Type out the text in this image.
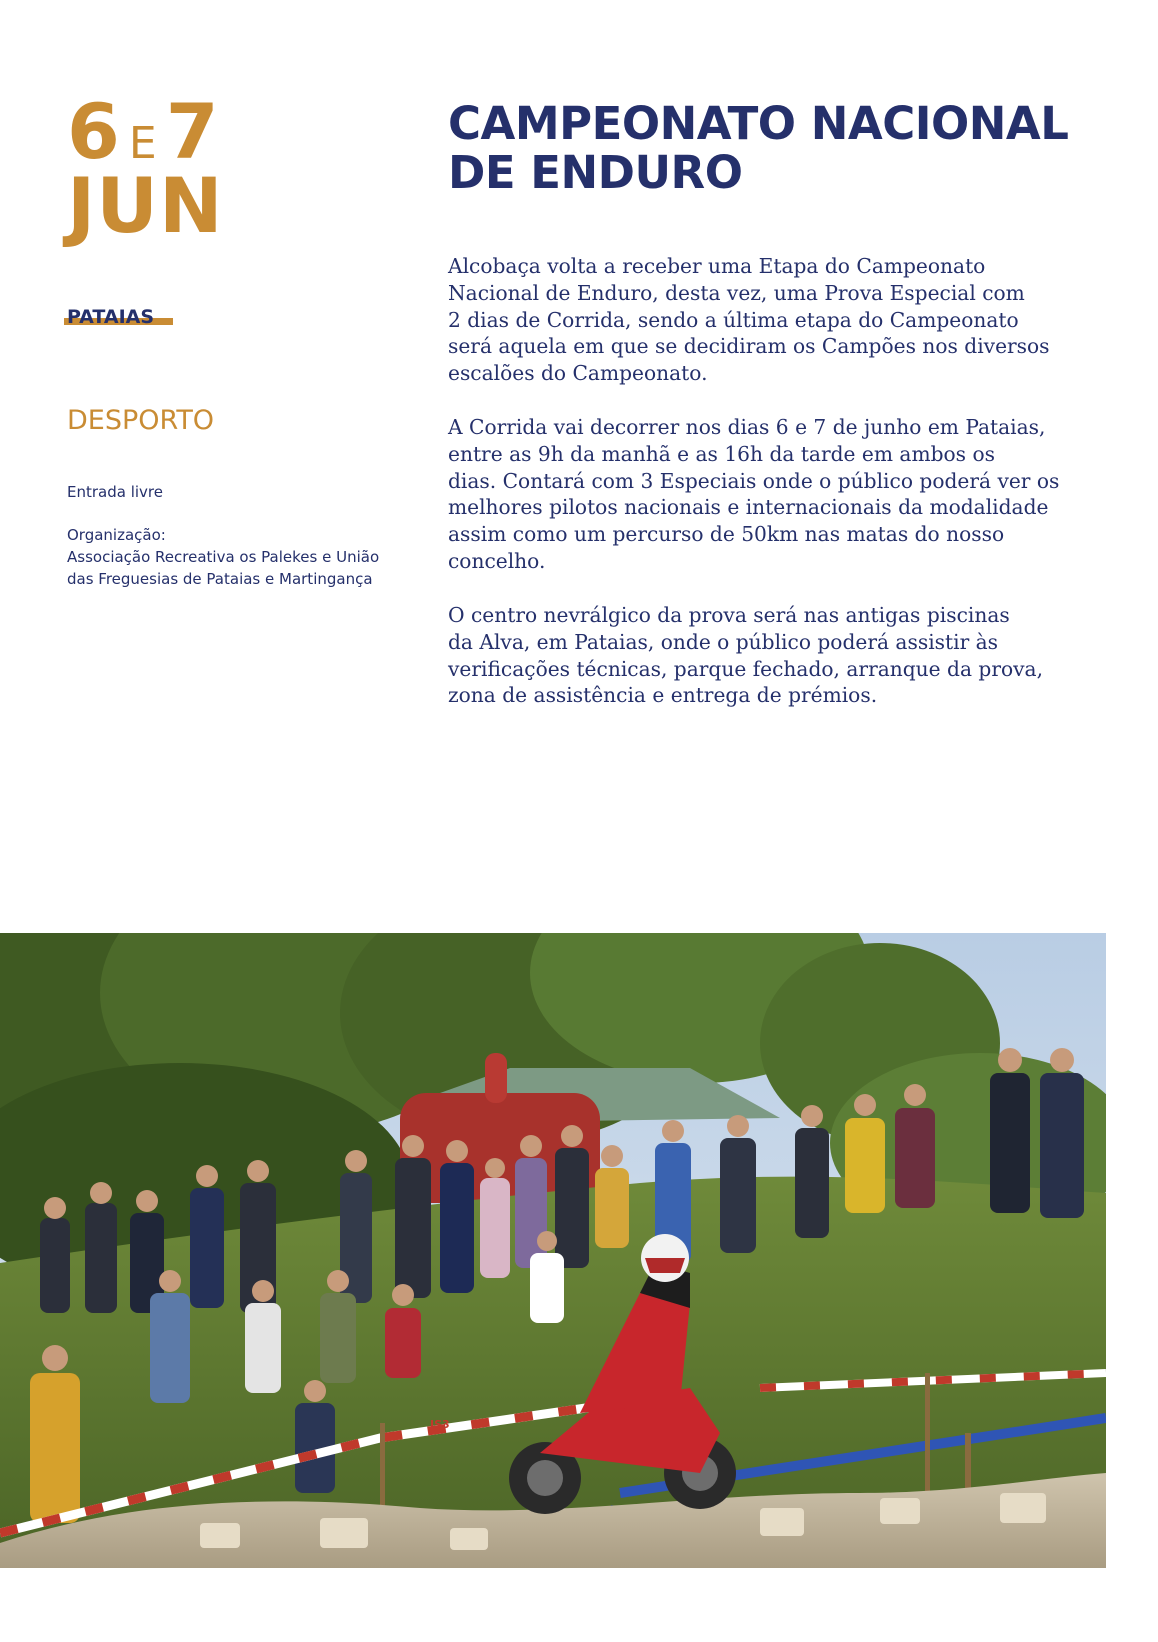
6 E 7
JUN
PATAIAS
DESPORTO
Entrada livre
Organização:
Associação Recreativa os Palekes e União
das Freguesias de Pataias e Martingança
CAMPEONATO NACIONAL
DE ENDURO
Alcobaça volta a receber uma Etapa do Campeonato
Nacional de Enduro, desta vez, uma Prova Especial com
2 dias de Corrida, sendo a última etapa do Campeonato
será aquela em que se decidiram os Campões nos diversos
escalões do Campeonato.
A Corrida vai decorrer nos dias 6 e 7 de junho em Pataias,
entre as 9h da manhã e as 16h da tarde em ambos os
dias. Contará com 3 Especiais onde o público poderá ver os
melhores pilotos nacionais e internacionais da modalidade
assim como um percurso de 50km nas matas do nosso
concelho.
O centro nevrálgico da prova será nas antigas piscinas
da Alva, em Pataias, onde o público poderá assistir às
verificações técnicas, parque fechado, arranque da prova,
zona de assistência e entrega de prémios.
IS3
